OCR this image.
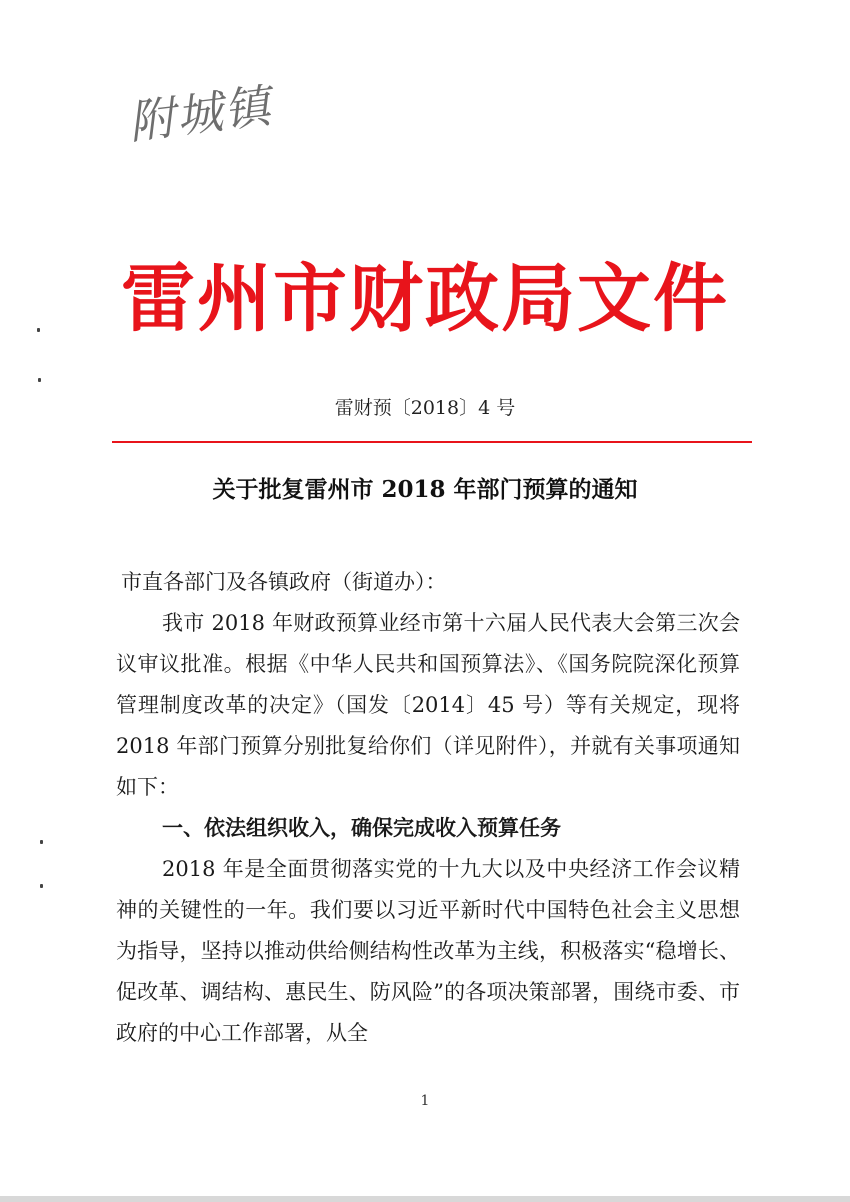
附城镇
雷州市财政局文件
雷财预〔2018〕4 号
关于批复雷州市 2018 年部门预算的通知

市直各部门及各镇政府（街道办）：

我市 2018 年财政预算业经市第十六届人民代表大会第三次会议审议批准。根据《中华人民共和国预算法》、《国务院院深化预算管理制度改革的决定》（国发〔2014〕45 号）等有关规定，现将 2018 年部门预算分别批复给你们（详见附件），并就有关事项通知如下：

一、依法组织收入，确保完成收入预算任务

2018 年是全面贯彻落实党的十九大以及中央经济工作会议精神的关键性的一年。我们要以习近平新时代中国特色社会主义思想为指导，坚持以推动供给侧结构性改革为主线，积极落实“稳增长、促改革、调结构、惠民生、防风险”的各项决策部署，围绕市委、市政府的中心工作部署，从全

1
